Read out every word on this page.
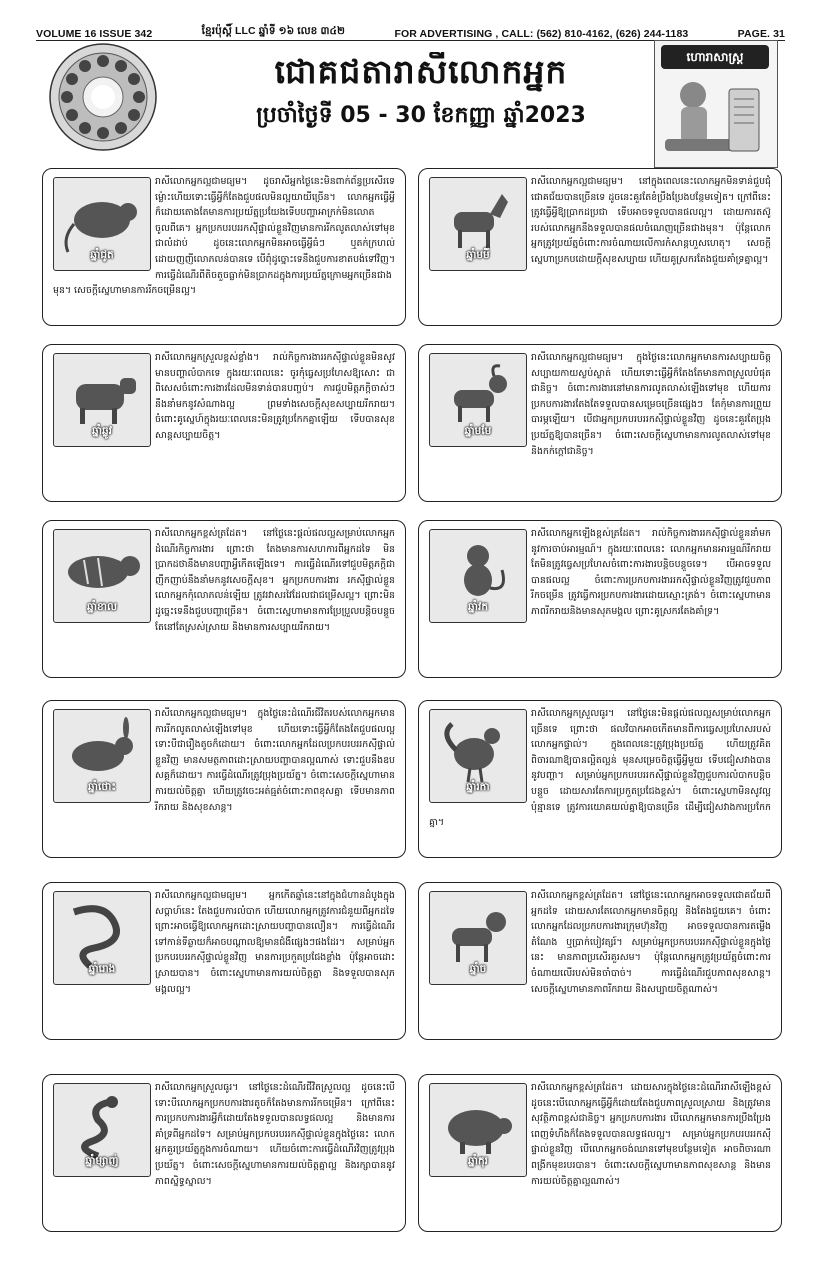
VOLUME 16 ISSUE 342	ខ្មែរប៉ុស្ដិ៍ LLC ឆ្នាំទី ១៦ លេខ ៣៤២	FOR ADVERTISING , CALL: (562) 810-4162, (626) 244-1183	PAGE. 31
ជោគជតារាសីលោកអ្នក
ប្រចាំថ្ងៃទី 05 - 30 ខែកញ្ញា ឆ្នាំ2023
ហោរាសាស្ត្រ
ឆ្នាំជូត
រាសីលោកអ្នកល្អជាមធ្យម។ ដូចរាសីអ្នកថ្ងៃនេះមិនពាក់ព័ន្ធប្រសើរទេ ម៉្លោះហើយទោះធ្វើអ្វីក៏តែងជួបផលមិនល្អយាយីច្រើន។ លោកអ្នកធ្វើអ្វីក៏ដោយតោងតែមានការប្រយ័ត្នប្រយែងទើបបញ្ហាអាក្រក់មិនលោតចូលពីគេ។ អ្នកប្រកបរបររកស៊ីផ្ទាល់ខ្លួនវិញមានការរីកលូតលាស់ទៅមុខជាលំដាប់ ដូចនេះលោកអ្នកមិនអាចធ្វើអ្វីធំៗ ឬតក់ក្រហល់ដោយញញីលោភលន់បានទេ បើពុំដូច្នោះទេនឹងជួបការខាតបង់ទៅវិញ។ ការធ្វើដំណើរពីតិចតួចធ្លាក់មិនប្រាកដក្នុងការប្រយ័ត្នក្រោមអ្នកច្រើនជាងមុន។ សេចក្តីស្នេហាមានការរីកចម្រើនល្អ។
ឆ្នាំឆ្លូវ
រាសីលោកអ្នកស្រួលខ្ពស់ខ្លាំង។ រាល់កិច្ចការងាររកស៊ីផ្ទាល់ខ្លួនមិនសូវមានបញ្ហាលំបាកទេ ក្នុងរយៈពេលនេះ ចូរកុំធ្វេសប្រហែសឱ្យសោះ ជាពិសេសចំពោះការងារដែលមិនទាន់បានបញ្ចប់។ ការជួបមិត្តភក្តិចាស់ៗនឹងនាំមកនូវសំណាងល្អ ព្រមទាំងសេចក្តីសុខសប្បាយរីករាយ។ ចំពោះគូស្នេហ៍ក្នុងរយៈពេលនេះមិនត្រូវប្រកែកគ្នាឡើយ ទើបបានសុខសាន្តសប្បាយចិត្ត។
ឆ្នាំខាល
រាសីលោកអ្នកខ្ពស់ត្រដែត។ នៅថ្ងៃនេះផ្តល់ផលល្អសម្រាប់លោកអ្នកដំណើរកិច្ចការងារ ព្រោះថា តែងមានការសហការពីអ្នកដទៃ មិនប្រាកដថានឹងមានបញ្ហាអ្វីកើតឡើងទេ។ ការធ្វើដំណើរទៅជួបមិត្តភក្តិជាញឹកញាប់នឹងនាំមកនូវសេចក្តីសុខ។ អ្នកប្រកបការងារ រកស៊ីផ្ទាល់ខ្លួន លោកអ្នកកុំលោភលន់ឡើយ ត្រូវរវាសរវៃដែលជាជម្រើសល្អ។ ព្រោះមិនដូច្នេះទេនឹងជួបបញ្ហាច្រើន។ ចំពោះស្នេហាមានការប្រែប្រួលបន្តិចបន្តួច តែនៅតែស្រស់ស្រាយ និងមានការសប្បាយរីករាយ។
ឆ្នាំថោះ
រាសីលោកអ្នកល្អជាមធ្យម។ ក្នុងថ្ងៃនេះដំណើរជីវិតរបស់លោកអ្នកមានការរីកលូតលាស់ឡើងទៅមុខ ហើយទោះធ្វើអ្វីក៏តែងតែជួបផលល្អ ទោះបីជារឿងតូចក៏ដោយ។ ចំពោះលោកអ្នកដែលប្រកបរបររកស៊ីផ្ទាល់ខ្លួនវិញ មានសមត្ថភាពដោះស្រាយបញ្ហាបានល្អណាស់ ទោះជួបនឹងឧបសគ្គក៏ដោយ។ ការធ្វើដំណើរត្រូវប្រុងប្រយ័ត្ន។ ចំពោះសេចក្តីស្នេហាមានការយល់ចិត្តគ្នា ហើយត្រូវចេះអត់ធ្មត់ចំពោះភាពខុសគ្នា ទើបមានភាពរីករាយ និងសុខសាន្ត។
ឆ្នាំរោង
រាសីលោកអ្នកល្អជាមធ្យម។ អ្នកកើតឆ្នាំនេះនៅក្នុងជំហានដំបូងក្នុងសប្តាហ៍នេះ តែងជួបការលំបាក ហើយលោកអ្នកត្រូវការជំនួយពីអ្នកដទៃ ព្រោះអាចធ្វើឱ្យលោកអ្នកដោះស្រាយបញ្ហាបានលឿន។ ការធ្វើដំណើរទៅកាន់ទីឆ្ងាយក៏អាចបណ្តាលឱ្យមានជំងឺផ្សេងៗផងដែរ។ សម្រាប់អ្នកប្រកបរបររកស៊ីផ្ទាល់ខ្លួនវិញ មានការប្រកួតប្រជែងខ្លាំង ប៉ុន្តែអាចដោះស្រាយបាន។ ចំពោះស្នេហាមានការយល់ចិត្តគ្នា និងទទួលបានសុភមង្គលល្អ។
ឆ្នាំម្សាញ់
រាសីលោកអ្នកស្រួលធូរ។ នៅថ្ងៃនេះដំណើរជីវិតស្រួលល្អ ដូចនេះបើទោះបីលោកអ្នកប្រកបការងារតូចក៏តែងមានការរីកចម្រើន។ ក្រៅពីនេះការប្រកបការងារអ្វីក៏ដោយតែងទទួលបានលទ្ធផលល្អ និងមានការគាំទ្រពីអ្នកដទៃ។ សម្រាប់អ្នកប្រកបរបររកស៊ីផ្ទាល់ខ្លួនក្នុងថ្ងៃនេះ លោកអ្នកគួរប្រយ័ត្នក្នុងការចំណាយ។ ហើយចំពោះការធ្វើដំណើរវិញត្រូវប្រុងប្រយ័ត្ន។ ចំពោះសេចក្តីស្នេហាមានការយល់ចិត្តគ្នាល្អ និងរក្សាបាននូវភាពស្និទ្ធស្នាល។
ឆ្នាំមមី
រាសីលោកអ្នកល្អជាមធ្យម។ នៅក្នុងពេលនេះលោកអ្នកមិនទាន់ជួបជុំជោគជ័យបានច្រើនទេ ដូចនេះគួរតែខំប្រឹងប្រែងបន្ថែមទៀត។ ក្រៅពីនេះត្រូវធ្វើអ្វីឱ្យប្រាកដប្រជា ទើបអាចទទួលបានផលល្អ។ ដោយការតស៊ូរបស់លោកអ្នកនឹងទទួលបានផលចំណេញច្រើនជាងមុន។ ប៉ុន្តែលោកអ្នកត្រូវប្រយ័ត្នចំពោះការចំណាយលើការកំសាន្តហួសហេតុ។ សេចក្តីស្នេហាប្រកបដោយក្តីសុខសប្បាយ ហើយគូស្រករតែងជួយគាំទ្រគ្នាល្អ។
ឆ្នាំមមែ
រាសីលោកអ្នកល្អជាមធ្យម។ ក្នុងថ្ងៃនេះលោកអ្នកមានការសប្បាយចិត្ត សប្បាយកាយស្ងប់ស្ងាត់ ហើយទោះធ្វើអ្វីក៏តែងតែមានភាពស្រួលបំផុតជានិច្ច។ ចំពោះការងារនៅមានការលូតលាស់ឡើងទៅមុខ ហើយការប្រកបការងារតែងតែទទួលបានសម្រេចច្រើនផ្សេងៗ តែកុំមានការព្រួយបារម្ភឡើយ។ បើជាអ្នកប្រកបរបររកស៊ីផ្ទាល់ខ្លួនវិញ ដូចនេះគួរតែប្រុងប្រយ័ត្នឱ្យបានច្រើន។ ចំពោះសេចក្តីស្នេហាមានការលូតលាស់ទៅមុខ និងកក់ក្តៅជានិច្ច។
ឆ្នាំវក
រាសីលោកអ្នកឡើងខ្ពស់ត្រដែត។ រាល់កិច្ចការងាររកស៊ីផ្ទាល់ខ្លួននាំមកនូវការចាប់អារម្មណ៍។ ក្នុងរយៈពេលនេះ លោកអ្នកមានអារម្មណ៍រីករាយ តែមិនត្រូវធ្វេសប្រហែសចំពោះការងារបន្តិចបន្តួចទេ។ បើអាចទទួលបានផលល្អ ចំពោះការប្រកបការងាររកស៊ីផ្ទាល់ខ្លួនវិញត្រូវជួបភាពរីកចម្រើន ត្រូវធ្វើការប្រកបការងារដោយស្មោះត្រង់។ ចំពោះស្នេហាមានភាពរីករាយនិងមានសុភមង្គល ព្រោះគូស្រករតែងគាំទ្រ។
ឆ្នាំរកា
រាសីលោកអ្នកស្រួលធូរ។ នៅថ្ងៃនេះមិនផ្តល់ផលល្អសម្រាប់លោកអ្នកច្រើនទេ ព្រោះថា ផលវិបាកអាចកើតមានពីការធ្វេសប្រហែសរបស់លោកអ្នកផ្ទាល់។ ក្នុងពេលនេះត្រូវប្រុងប្រយ័ត្ន ហើយត្រូវគិតពិចារណាឱ្យបានល្អិតល្អន់ មុនសម្រេចចិត្តធ្វើអ្វីមួយ ទើបជៀសវាងបាននូវបញ្ហា។ សម្រាប់អ្នកប្រកបរបររកស៊ីផ្ទាល់ខ្លួនវិញជួបការលំបាកបន្តិចបន្តួច ដោយសារតែការប្រកួតប្រជែងខ្ពស់។ ចំពោះស្នេហាមិនសូវល្អប៉ុន្មានទេ ត្រូវការយោគយល់គ្នាឱ្យបានច្រើន ដើម្បីជៀសវាងការប្រកែកគ្នា។
ឆ្នាំច
រាសីលោកអ្នកខ្ពស់ត្រដែត។ នៅថ្ងៃនេះលោកអ្នកអាចទទួលជោគជ័យពីអ្នកដទៃ ដោយសារតែលោកអ្នកមានចិត្តល្អ និងតែងជួយគេ។ ចំពោះលោកអ្នកដែលប្រកបការងារក្រុមហ៊ុនវិញ អាចទទួលបានការតម្លើងតំណែង ឬប្រាក់បៀវត្សរ៍។ សម្រាប់អ្នកប្រកបរបររកស៊ីផ្ទាល់ខ្លួនក្នុងថ្ងៃនេះ មានភាពប្រសើរគួរសម។ ប៉ុន្តែលោកអ្នកត្រូវប្រយ័ត្នចំពោះការចំណាយលើរបស់មិនចាំបាច់។ ការធ្វើដំណើរជួបភាពសុខសាន្ត។ សេចក្តីស្នេហាមានភាពរីករាយ និងសប្បាយចិត្តណាស់។
ឆ្នាំកុរ
រាសីលោកអ្នកខ្ពស់ត្រដែត។ ដោយសារក្នុងថ្ងៃនេះដំណើររាសីឡើងខ្ពស់ ដូចនេះបើលោកអ្នកធ្វើអ្វីក៏ដោយតែងជួបភាពស្រួលស្រាយ និងត្រូវមានសុវត្ថិភាពខ្ពស់ជានិច្ច។ អ្នកប្រកបការងារ បើលោកអ្នកមានការប្រឹងប្រែងពេញទំហឹងក៏តែងទទួលបានលទ្ធផលល្អ។ សម្រាប់អ្នកប្រកបរបររកស៊ីផ្ទាល់ខ្លួនវិញ បើលោកអ្នកចង់ឈានទៅមុខបន្ថែមទៀត អាចពិចារណាពង្រីកមុខរបរបាន។ ចំពោះសេចក្តីស្នេហាមានភាពសុខសាន្ត និងមានការយល់ចិត្តគ្នាល្អណាស់។
